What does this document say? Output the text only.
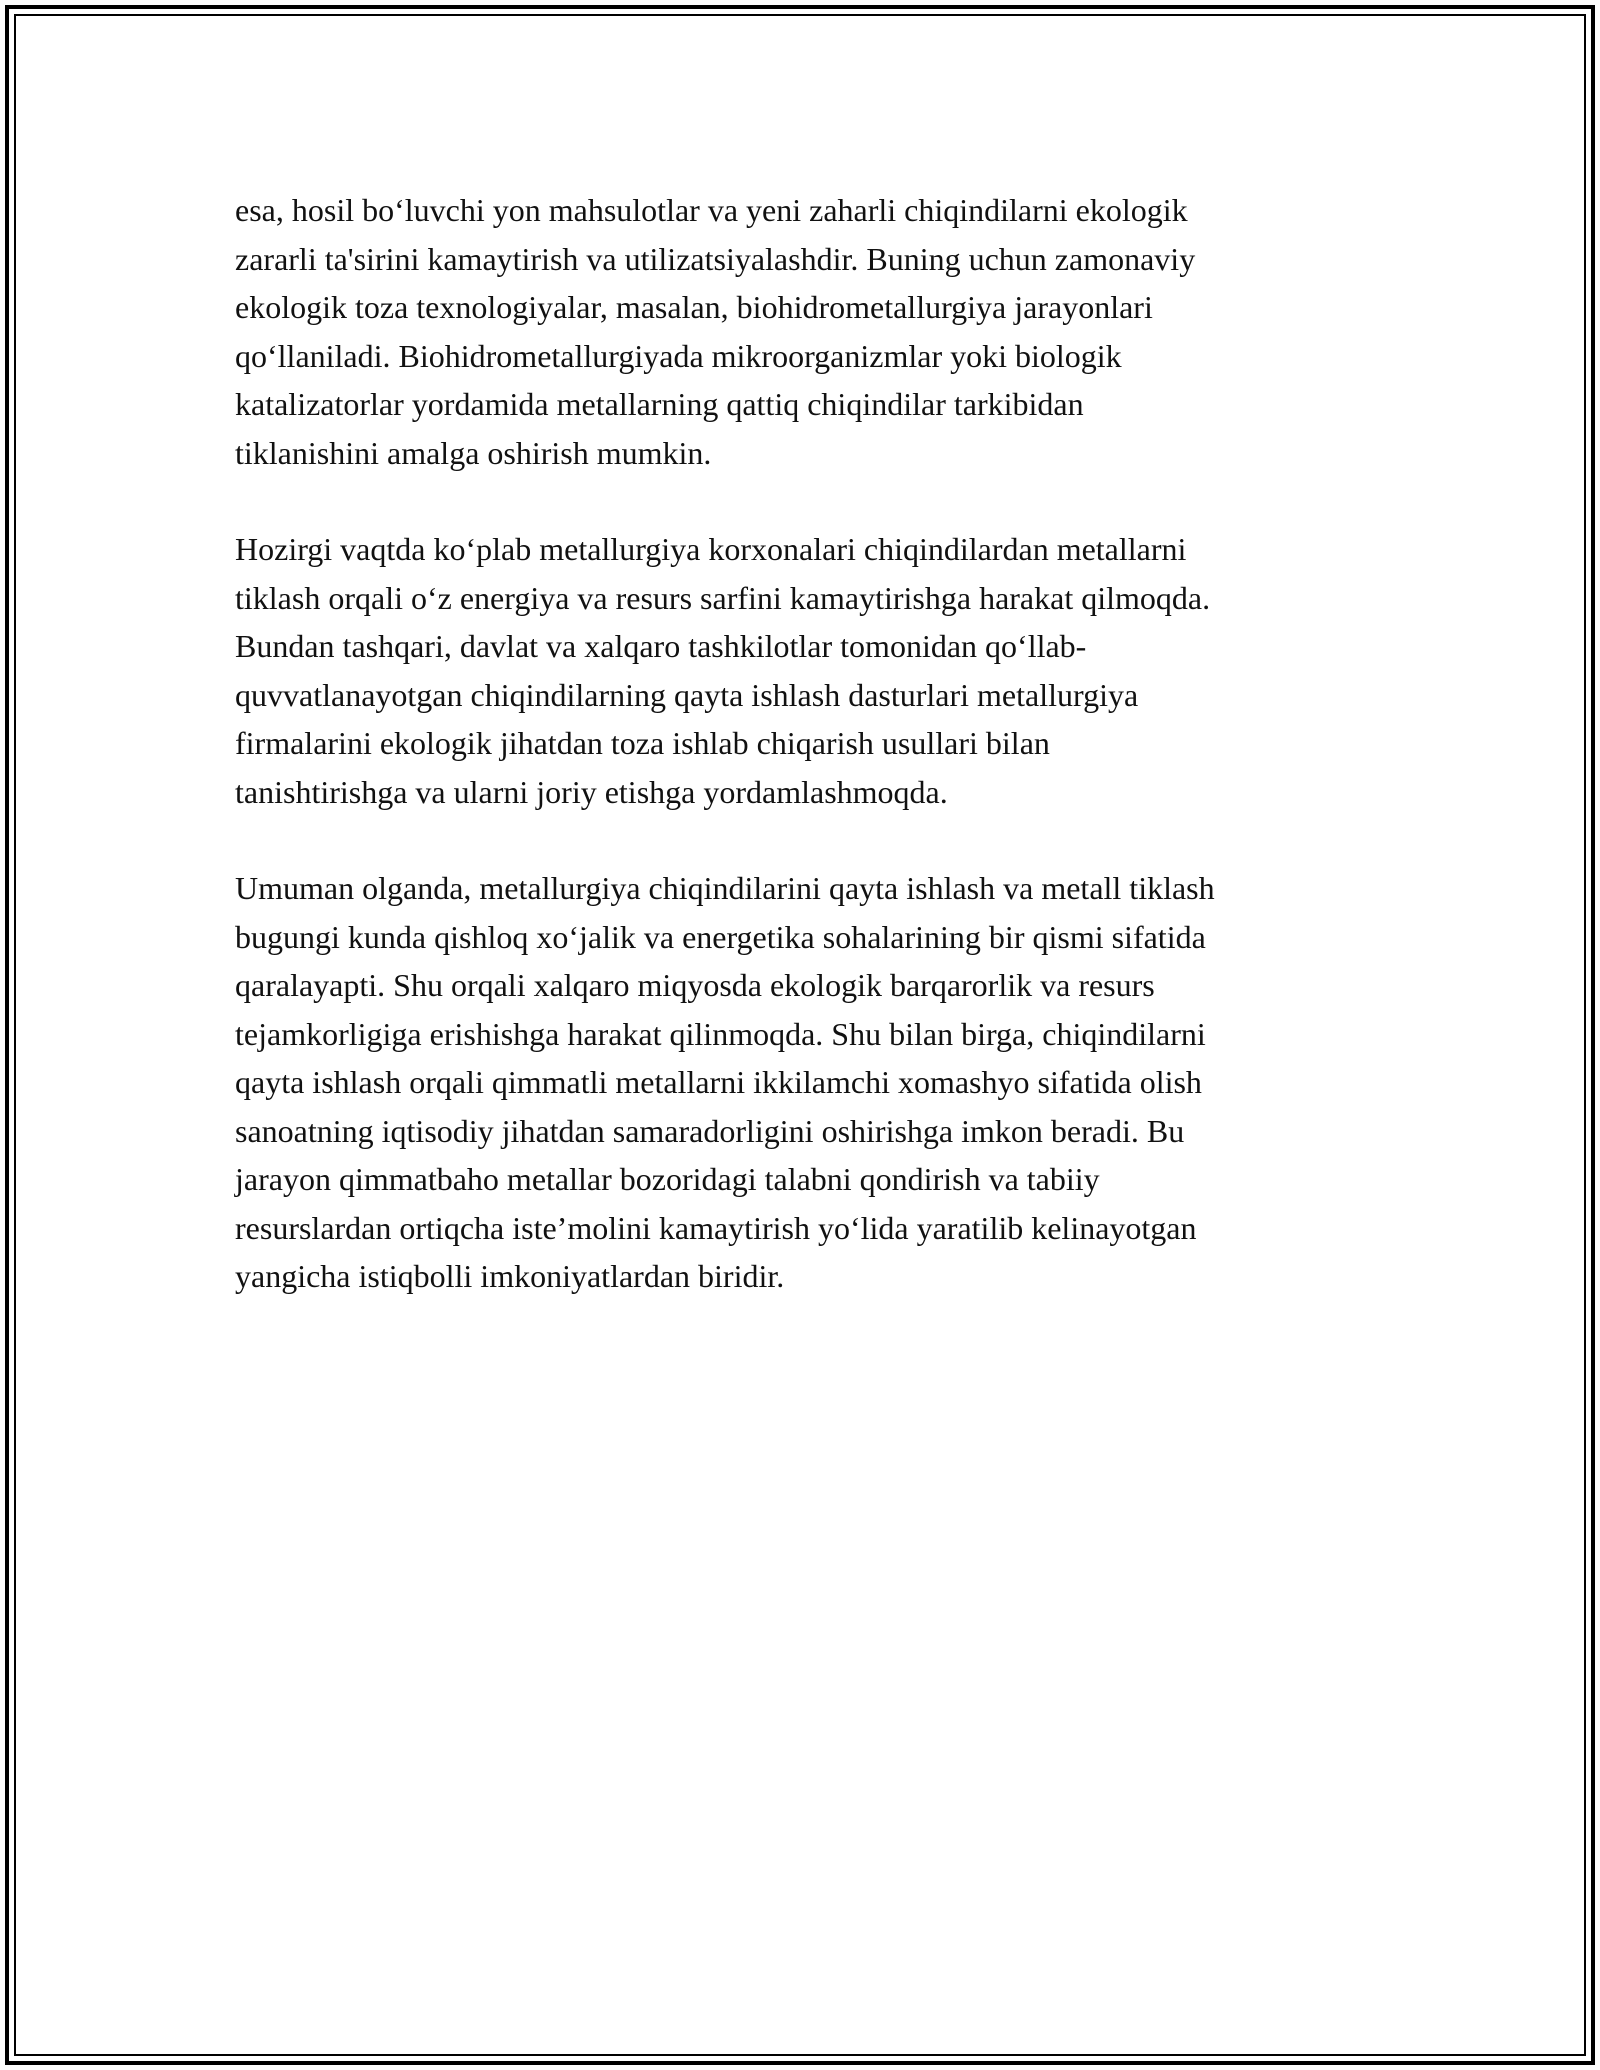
esa, hosil bo‘luvchi yon mahsulotlar va yeni zaharli chiqindilarni ekologik
zararli ta'sirini kamaytirish va utilizatsiyalashdir. Buning uchun zamonaviy
ekologik toza texnologiyalar, masalan, biohidrometallurgiya jarayonlari
qo‘llaniladi. Biohidrometallurgiyada mikroorganizmlar yoki biologik
katalizatorlar yordamida metallarning qattiq chiqindilar tarkibidan
tiklanishini amalga oshirish mumkin.

Hozirgi vaqtda ko‘plab metallurgiya korxonalari chiqindilardan metallarni
tiklash orqali o‘z energiya va resurs sarfini kamaytirishga harakat qilmoqda.
Bundan tashqari, davlat va xalqaro tashkilotlar tomonidan qo‘llab-
quvvatlanayotgan chiqindilarning qayta ishlash dasturlari metallurgiya
firmalarini ekologik jihatdan toza ishlab chiqarish usullari bilan
tanishtirishga va ularni joriy etishga yordamlashmoqda.

Umuman olganda, metallurgiya chiqindilarini qayta ishlash va metall tiklash
bugungi kunda qishloq xo‘jalik va energetika sohalarining bir qismi sifatida
qaralayapti. Shu orqali xalqaro miqyosda ekologik barqarorlik va resurs
tejamkorligiga erishishga harakat qilinmoqda. Shu bilan birga, chiqindilarni
qayta ishlash orqali qimmatli metallarni ikkilamchi xomashyo sifatida olish
sanoatning iqtisodiy jihatdan samaradorligini oshirishga imkon beradi. Bu
jarayon qimmatbaho metallar bozoridagi talabni qondirish va tabiiy
resurslardan ortiqcha iste’molini kamaytirish yo‘lida yaratilib kelinayotgan
yangicha istiqbolli imkoniyatlardan biridir.
